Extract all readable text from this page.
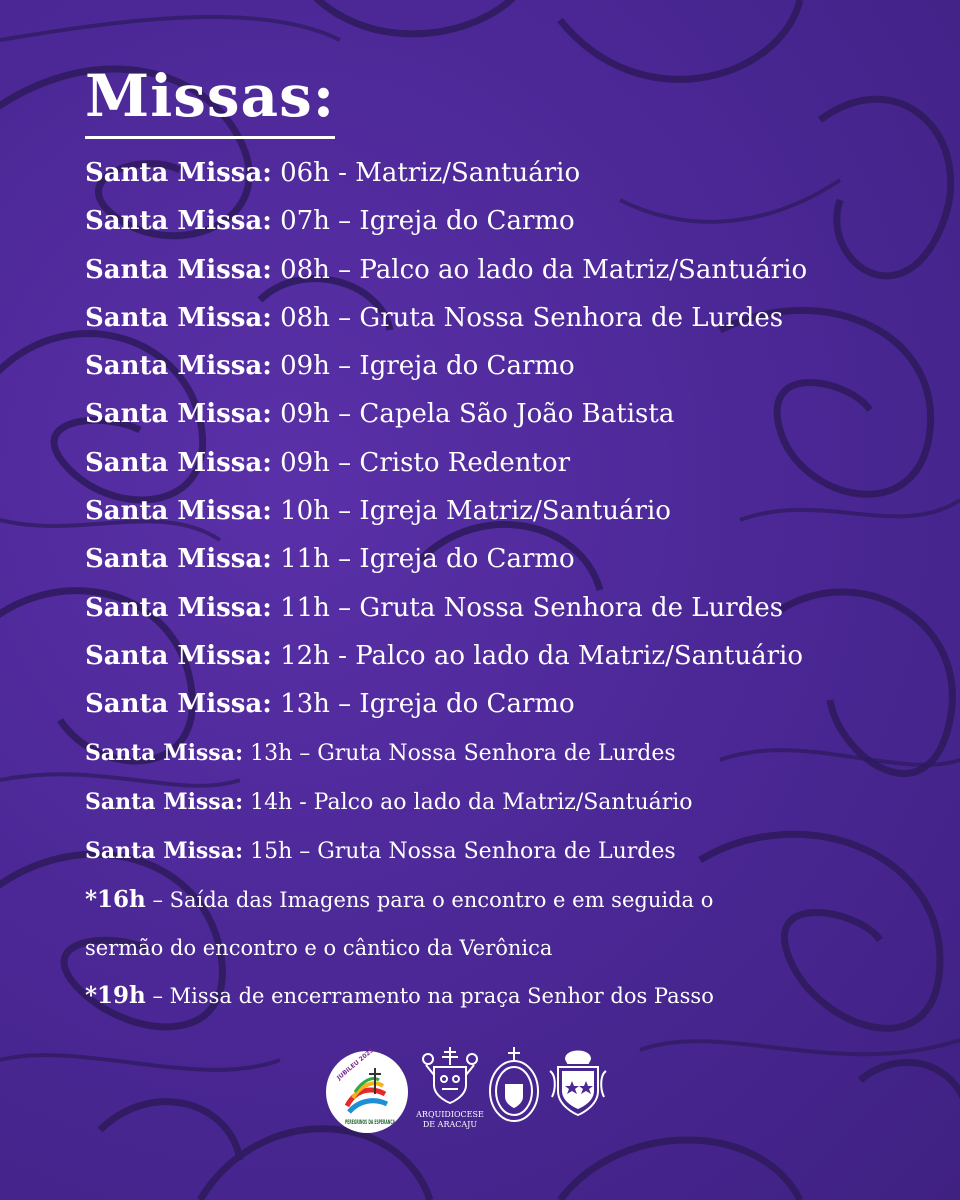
Missas:
Santa Missa: 06h - Matriz/Santuário
Santa Missa: 07h – Igreja do Carmo
Santa Missa: 08h – Palco ao lado da Matriz/Santuário
Santa Missa: 08h – Gruta Nossa Senhora de Lurdes
Santa Missa: 09h – Igreja do Carmo
Santa Missa: 09h – Capela São João Batista
Santa Missa: 09h – Cristo Redentor
Santa Missa: 10h – Igreja Matriz/Santuário
Santa Missa: 11h – Igreja do Carmo
Santa Missa: 11h – Gruta Nossa Senhora de Lurdes
Santa Missa: 12h - Palco ao lado da Matriz/Santuário
Santa Missa: 13h – Igreja do Carmo
Santa Missa: 13h – Gruta Nossa Senhora de Lurdes
Santa Missa: 14h - Palco ao lado da Matriz/Santuário
Santa Missa: 15h – Gruta Nossa Senhora de Lurdes
*16h – Saída das Imagens para o encontro e em seguida o
sermão do encontro e o cântico da Verônica
*19h – Missa de encerramento na praça Senhor dos Passo
JUBILEU 2025
PEREGRINOS DA ESPERANÇA
ARQUIDIOCESE
DE ARACAJU
